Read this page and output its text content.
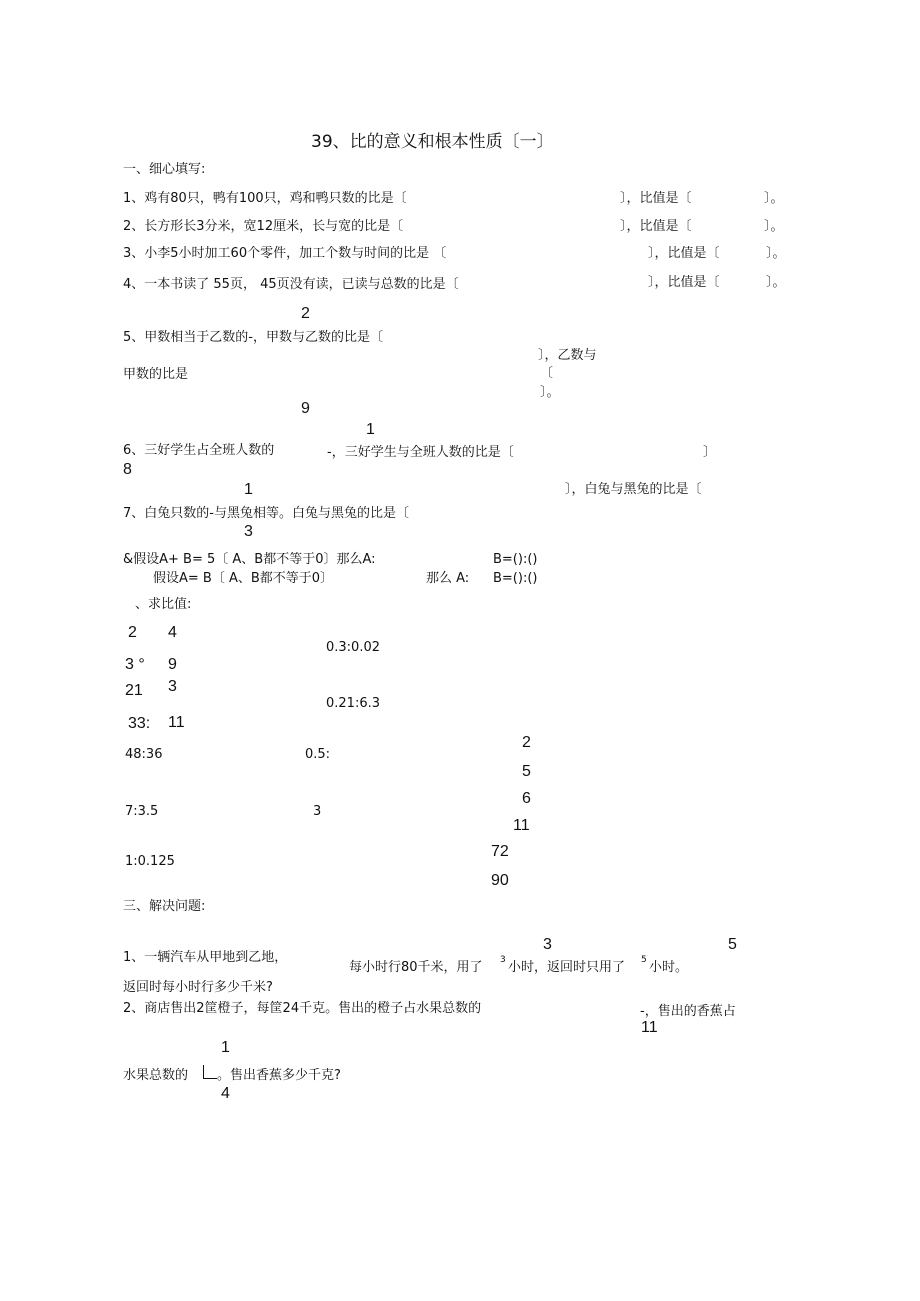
39、比的意义和根本性质〔一〕
一、细心填写:
1、鸡有80只，鸭有100只，鸡和鸭只数的比是〔	〕，比值是〔	〕。
2、长方形长3分米，宽12厘米，长与宽的比是〔	〕，比值是〔	〕。
3、小李5小时加工60个零件，加工个数与时间的比是 〔	〕，比值是〔	〕。
4、一本书读了 55页， 45页没有读，已读与总数的比是〔	〕，比值是〔	〕。
2
5、甲数相当于乙数的-，甲数与乙数的比是〔
〕，乙数与
甲数的比是	〔
〕。
9
1
6、三好学生占全班人数的	-，三好学生与全班人数的比是〔	〕
8
1	〕，白兔与黑兔的比是〔
7、白兔只数的-与黑兔相等。白兔与黑兔的比是〔
3
&假设A+ B= 5〔 A、B都不等于0〕那么A:	B=():()
假设A= B〔 A、B都不等于0〕	那么 A: B=():()
、求比值:
2 4
0.3:0.02
3 ° 9
3
21
0.21:6.3
33: 11
2
48:36	0.5:
5
6
7:3.5	3
11
72
1:0.125
90
三、解决问题:
3	5
1、一辆汽车从甲地到乙地，
每小时行80千米，用了 3 小时，返回时只用了 5 小时。
返回时每小时行多少千米?
2、商店售出2筐橙子，每筐24千克。售出的橙子占水果总数的	-，售出的香蕉占
11
1
水果总数的 。售出香蕉多少千克?
4
